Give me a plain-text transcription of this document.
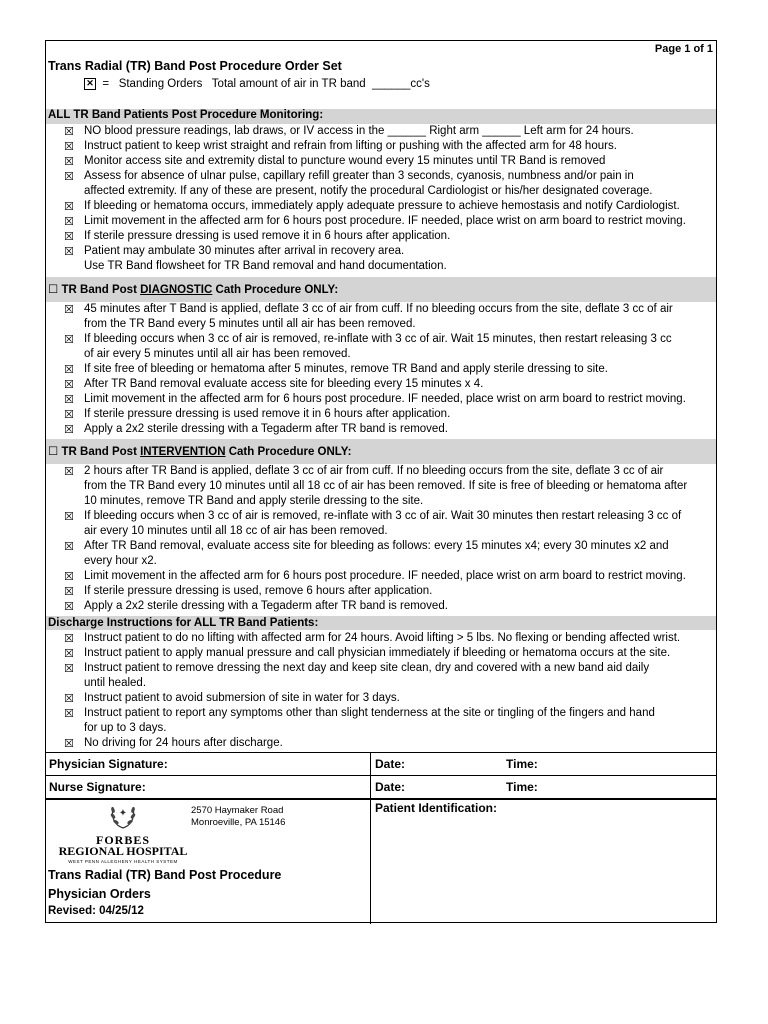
Page 1 of 1
Trans Radial (TR) Band Post Procedure Order Set
✕ =   Standing Orders   Total amount of air in TR band  ______cc's
ALL TR Band Patients Post Procedure Monitoring:
☒ NO blood pressure readings, lab draws, or IV access in the ______ Right arm ______ Left arm for 24 hours.
☒ Instruct patient to keep wrist straight and refrain from lifting or pushing with the affected arm for 48 hours.
☒ Monitor access site and extremity distal to puncture wound every 15 minutes until TR Band is removed
☒ Assess for absence of ulnar pulse, capillary refill greater than 3 seconds, cyanosis, numbness and/or pain in
affected extremity. If any of these are present, notify the procedural Cardiologist or his/her designated coverage.
☒ If bleeding or hematoma occurs, immediately apply adequate pressure to achieve hemostasis and notify Cardiologist.
☒ Limit movement in the affected arm for 6 hours post procedure. IF needed, place wrist on arm board to restrict moving.
☒ If sterile pressure dressing is used remove it in 6 hours after application.
☒ Patient may ambulate 30 minutes after arrival in recovery area.
Use TR Band flowsheet for TR Band removal and hand documentation.
☐ TR Band Post DIAGNOSTIC Cath Procedure ONLY:
☒ 45 minutes after T Band is applied, deflate 3 cc of air from cuff. If no bleeding occurs from the site, deflate 3 cc of air
from the TR Band every 5 minutes until all air has been removed.
☒ If bleeding occurs when 3 cc of air is removed, re-inflate with 3 cc of air. Wait 15 minutes, then restart releasing 3 cc
of air every 5 minutes until all air has been removed.
☒ If site free of bleeding or hematoma after 5 minutes, remove TR Band and apply sterile dressing to site.
☒ After TR Band removal evaluate access site for bleeding every 15 minutes x 4.
☒ Limit movement in the affected arm for 6 hours post procedure. IF needed, place wrist on arm board to restrict moving.
☒ If sterile pressure dressing is used remove it in 6 hours after application.
☒ Apply a 2x2 sterile dressing with a Tegaderm after TR band is removed.
☐ TR Band Post INTERVENTION Cath Procedure ONLY:
☒ 2 hours after TR Band is applied, deflate 3 cc of air from cuff. If no bleeding occurs from the site, deflate 3 cc of air
from the TR Band every 10 minutes until all 18 cc of air has been removed. If site is free of bleeding or hematoma after
10 minutes, remove TR Band and apply sterile dressing to the site.
☒ If bleeding occurs when 3 cc of air is removed, re-inflate with 3 cc of air. Wait 30 minutes then restart releasing 3 cc of
air every 10 minutes until all 18 cc of air has been removed.
☒ After TR Band removal, evaluate access site for bleeding as follows: every 15 minutes x4; every 30 minutes x2 and
every hour x2.
☒ Limit movement in the affected arm for 6 hours post procedure. IF needed, place wrist on arm board to restrict moving.
☒ If sterile pressure dressing is used, remove 6 hours after application.
☒ Apply a 2x2 sterile dressing with a Tegaderm after TR band is removed.
Discharge Instructions for ALL TR Band Patients:
☒ Instruct patient to do no lifting with affected arm for 24 hours. Avoid lifting > 5 lbs. No flexing or bending affected wrist.
☒ Instruct patient to apply manual pressure and call physician immediately if bleeding or hematoma occurs at the site.
☒ Instruct patient to remove dressing the next day and keep site clean, dry and covered with a new band aid daily
until healed.
☒ Instruct patient to avoid submersion of site in water for 3 days.
☒ Instruct patient to report any symptoms other than slight tenderness at the site or tingling of the fingers and hand
for up to 3 days.
☒ No driving for 24 hours after discharge.
Physician Signature:	Date:	Time:
Nurse Signature:	Date:	Time:
✦
FORBES
REGIONAL HOSPITAL
WEST PENN ALLEGHENY HEALTH SYSTEM
2570 Haymaker Road
Monroeville, PA 15146
Patient Identification:
Trans Radial (TR) Band Post Procedure
Physician Orders
Revised: 04/25/12
